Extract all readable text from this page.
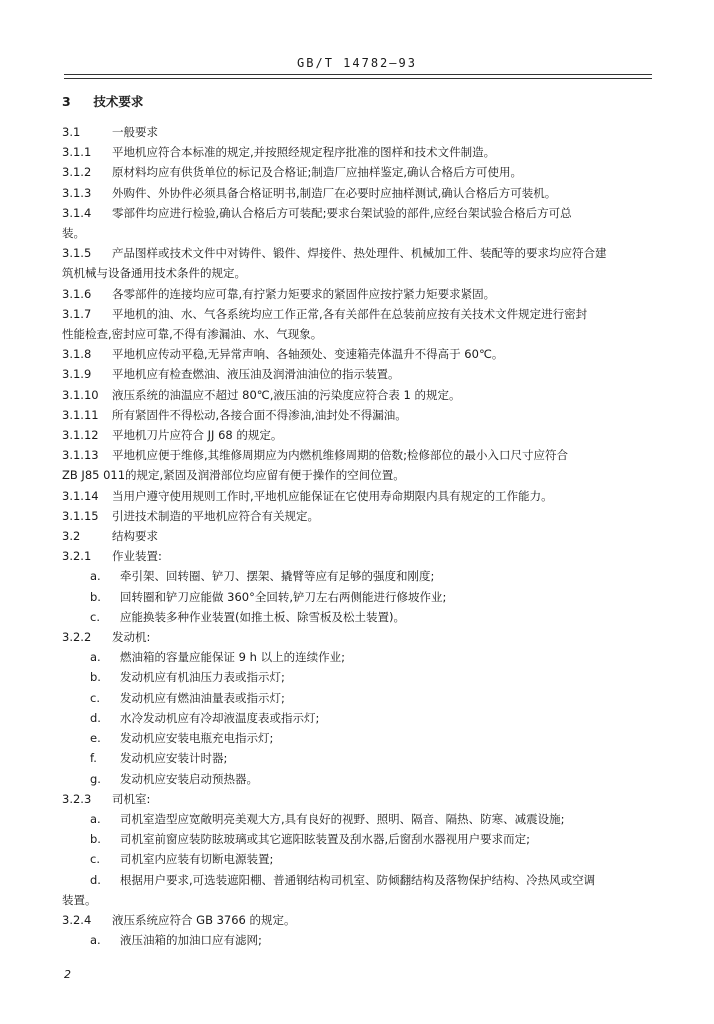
GB/T 14782—93
3 技术要求
3.1	一般要求
3.1.1 平地机应符合本标准的规定,并按照经规定程序批准的图样和技术文件制造。
3.1.2 原材料均应有供货单位的标记及合格证;制造厂应抽样鉴定,确认合格后方可使用。
3.1.3 外购件、外协件必须具备合格证明书,制造厂在必要时应抽样测试,确认合格后方可装机。
3.1.4 零部件均应进行检验,确认合格后方可装配;要求台架试验的部件,应经台架试验合格后方可总
装。
3.1.5 产品图样或技术文件中对铸件、锻件、焊接件、热处理件、机械加工件、装配等的要求均应符合建
筑机械与设备通用技术条件的规定。
3.1.6 各零部件的连接均应可靠,有拧紧力矩要求的紧固件应按拧紧力矩要求紧固。
3.1.7 平地机的油、水、气各系统均应工作正常,各有关部件在总装前应按有关技术文件规定进行密封
性能检查,密封应可靠,不得有渗漏油、水、气现象。
3.1.8 平地机应传动平稳,无异常声响、各轴颈处、变速箱壳体温升不得高于 60℃。
3.1.9 平地机应有检查燃油、液压油及润滑油油位的指示装置。
3.1.10 液压系统的油温应不超过 80℃,液压油的污染度应符合表 1 的规定。
3.1.11 所有紧固件不得松动,各接合面不得渗油,油封处不得漏油。
3.1.12 平地机刀片应符合 JJ 68 的规定。
3.1.13 平地机应便于维修,其维修周期应为内燃机维修周期的倍数;检修部位的最小入口尺寸应符合
ZB J85 011的规定,紧固及润滑部位均应留有便于操作的空间位置。
3.1.14 当用户遵守使用规则工作时,平地机应能保证在它使用寿命期限内具有规定的工作能力。
3.1.15 引进技术制造的平地机应符合有关规定。
3.2	结构要求
3.2.1 作业装置:
a. 牵引架、回转圈、铲刀、摆架、撬臂等应有足够的强度和刚度;
b. 回转圈和铲刀应能做 360°全回转,铲刀左右两侧能进行修坡作业;
c. 应能换装多种作业装置(如推土板、除雪板及松土装置)。
3.2.2 发动机:
a. 燃油箱的容量应能保证 9 h 以上的连续作业;
b. 发动机应有机油压力表或指示灯;
c. 发动机应有燃油油量表或指示灯;
d. 水冷发动机应有冷却液温度表或指示灯;
e. 发动机应安装电瓶充电指示灯;
f. 发动机应安装计时器;
g. 发动机应安装启动预热器。
3.2.3 司机室:
a. 司机室造型应宽敞明亮美观大方,具有良好的视野、照明、隔音、隔热、防寒、减震设施;
b. 司机室前窗应装防眩玻璃或其它遮阳眩装置及刮水器,后窗刮水器视用户要求而定;
c. 司机室内应装有切断电源装置;
d. 根据用户要求,可选装遮阳棚、普通钢结构司机室、防倾翻结构及落物保护结构、冷热风或空调
装置。
3.2.4 液压系统应符合 GB 3766 的规定。
a. 液压油箱的加油口应有滤网;
2
